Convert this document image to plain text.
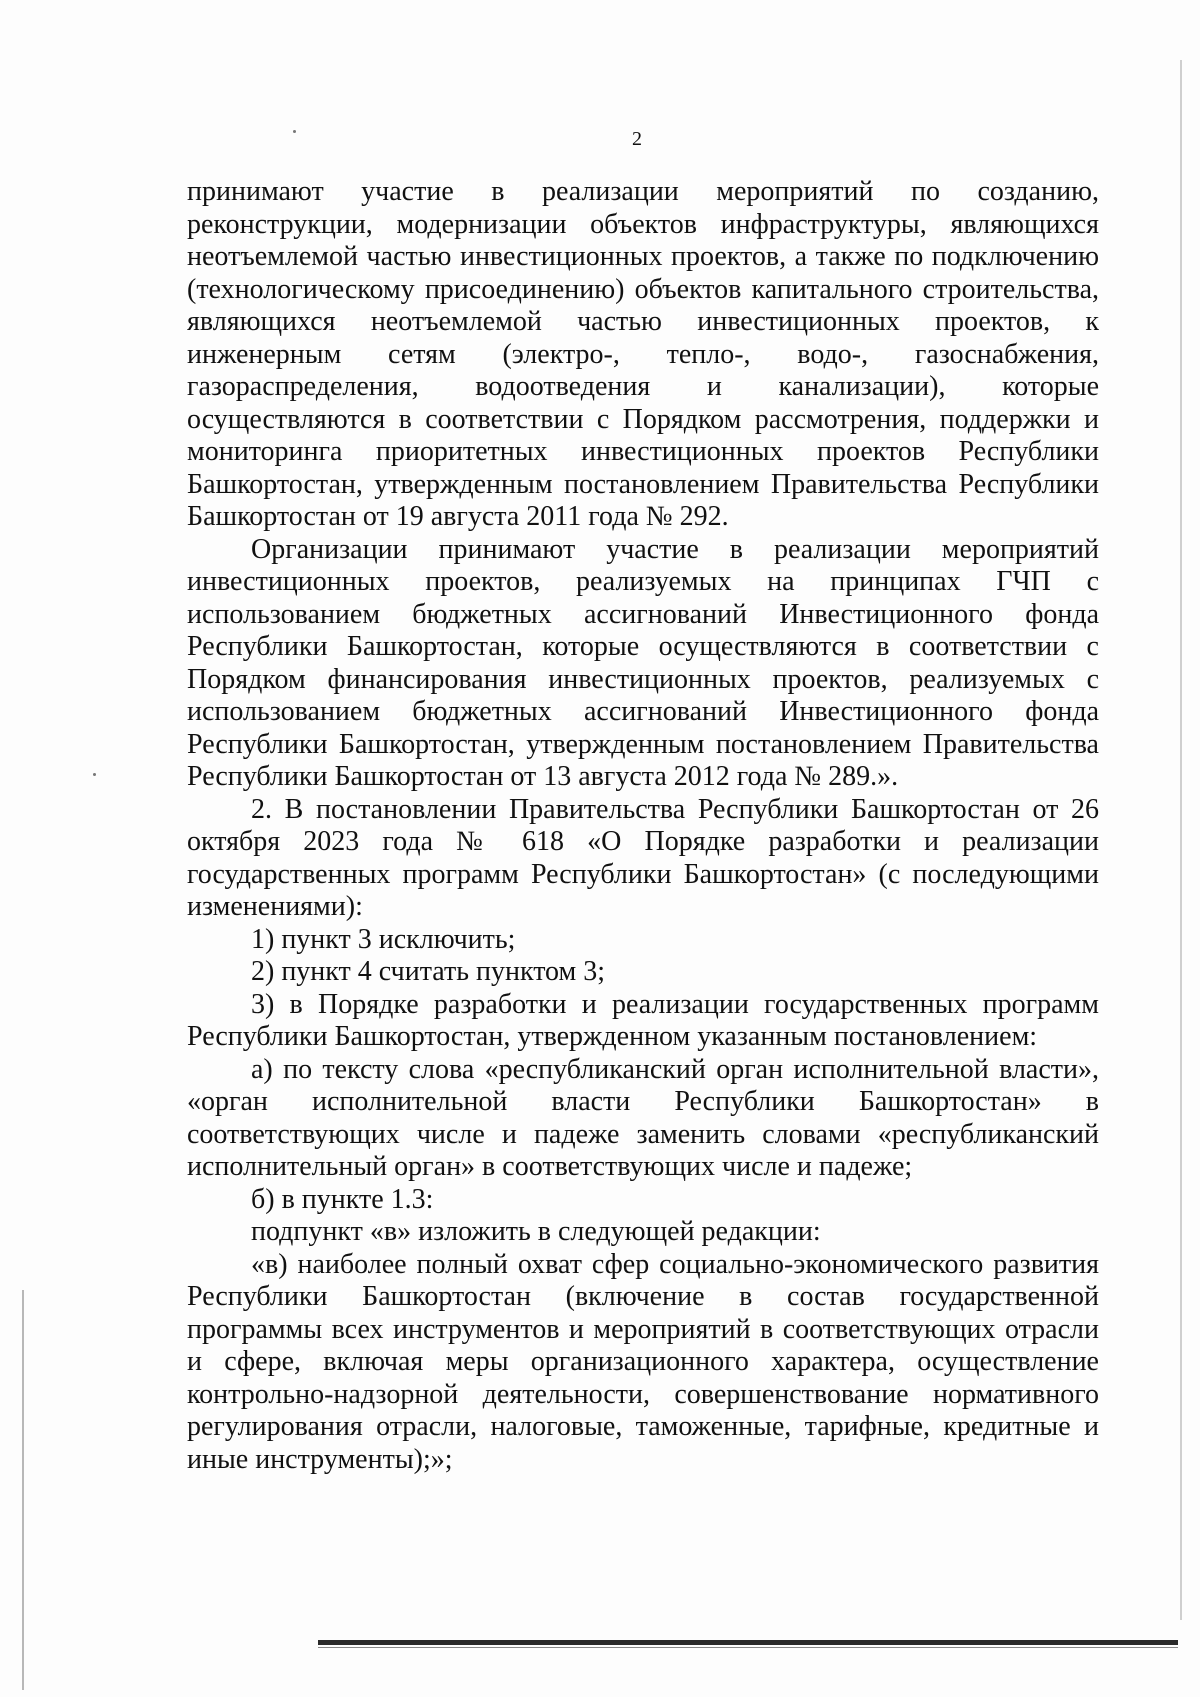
2

принимают участие в реализации мероприятий по созданию, реконструкции, модернизации объектов инфраструктуры, являющихся неотъемлемой частью инвестиционных проектов, а также по подключению (технологическому присоединению) объектов капитального строительства, являющихся неотъемлемой частью инвестиционных проектов, к инженерным сетям (электро-, тепло-, водо-, газоснабжения, газораспределения, водоотведения и канализации), которые осуществляются в соответствии с Порядком рассмотрения, поддержки и мониторинга приоритетных инвестиционных проектов Республики Башкортостан, утвержденным постановлением Правительства Республики Башкортостан от 19 августа 2011 года № 292.

Организации принимают участие в реализации мероприятий инвестиционных проектов, реализуемых на принципах ГЧП с использованием бюджетных ассигнований Инвестиционного фонда Республики Башкортостан, которые осуществляются в соответствии с Порядком финансирования инвестиционных проектов, реализуемых с использованием бюджетных ассигнований Инвестиционного фонда Республики Башкортостан, утвержденным постановлением Правительства Республики Башкортостан от 13 августа 2012 года № 289.».

2. В постановлении Правительства Республики Башкортостан от 26 октября 2023 года № 618 «О Порядке разработки и реализации государственных программ Республики Башкортостан» (с последующими изменениями):

1) пункт 3 исключить;

2) пункт 4 считать пунктом 3;

3) в Порядке разработки и реализации государственных программ Республики Башкортостан, утвержденном указанным постановлением:

а) по тексту слова «республиканский орган исполнительной власти», «орган исполнительной власти Республики Башкортостан» в соответствующих числе и падеже заменить словами «республиканский исполнительный орган» в соответствующих числе и падеже;

б) в пункте 1.3:

подпункт «в» изложить в следующей редакции:

«в) наиболее полный охват сфер социально-экономического развития Республики Башкортостан (включение в состав государственной программы всех инструментов и мероприятий в соответствующих отрасли и сфере, включая меры организационного характера, осуществление контрольно-надзорной деятельности, совершенствование нормативного регулирования отрасли, налоговые, таможенные, тарифные, кредитные и иные инструменты);»;
